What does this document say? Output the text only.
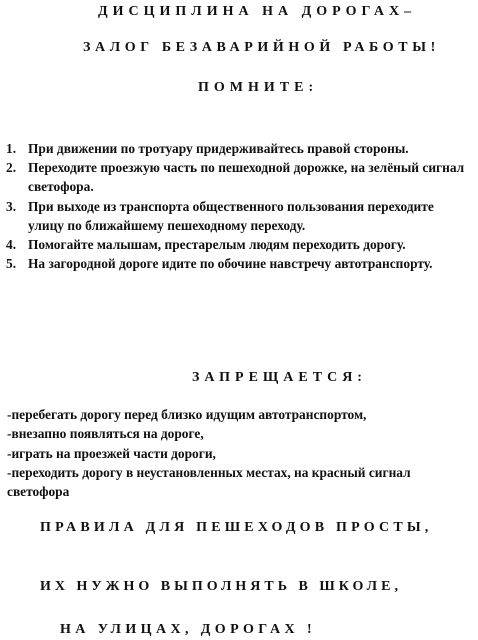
ДИСЦИПЛИНА НА ДОРОГАХ–
ЗАЛОГ БЕЗАВАРИЙНОЙ РАБОТЫ!
ПОМНИТЕ:
1. При движении по тротуару придерживайтесь правой стороны.
2. Переходите проезжую часть по пешеходной дорожке, на зелёный сигнал светофора.
3. При выходе из транспорта общественного пользования переходите улицу по ближайшему пешеходному переходу.
4. Помогайте малышам, престарелым людям переходить дорогу.
5. На загородной дороге идите по обочине навстречу автотранспорту.
ЗАПРЕЩАЕТСЯ:
-перебегать дорогу перед близко идущим автотранспортом,
-внезапно появляться на дороге,
-играть на проезжей части дороги,
-переходить дорогу в неустановленных местах, на красный сигнал светофора
ПРАВИЛА ДЛЯ ПЕШЕХОДОВ ПРОСТЫ,
ИХ НУЖНО ВЫПОЛНЯТЬ В ШКОЛЕ,
НА УЛИЦАХ, ДОРОГАХ !
